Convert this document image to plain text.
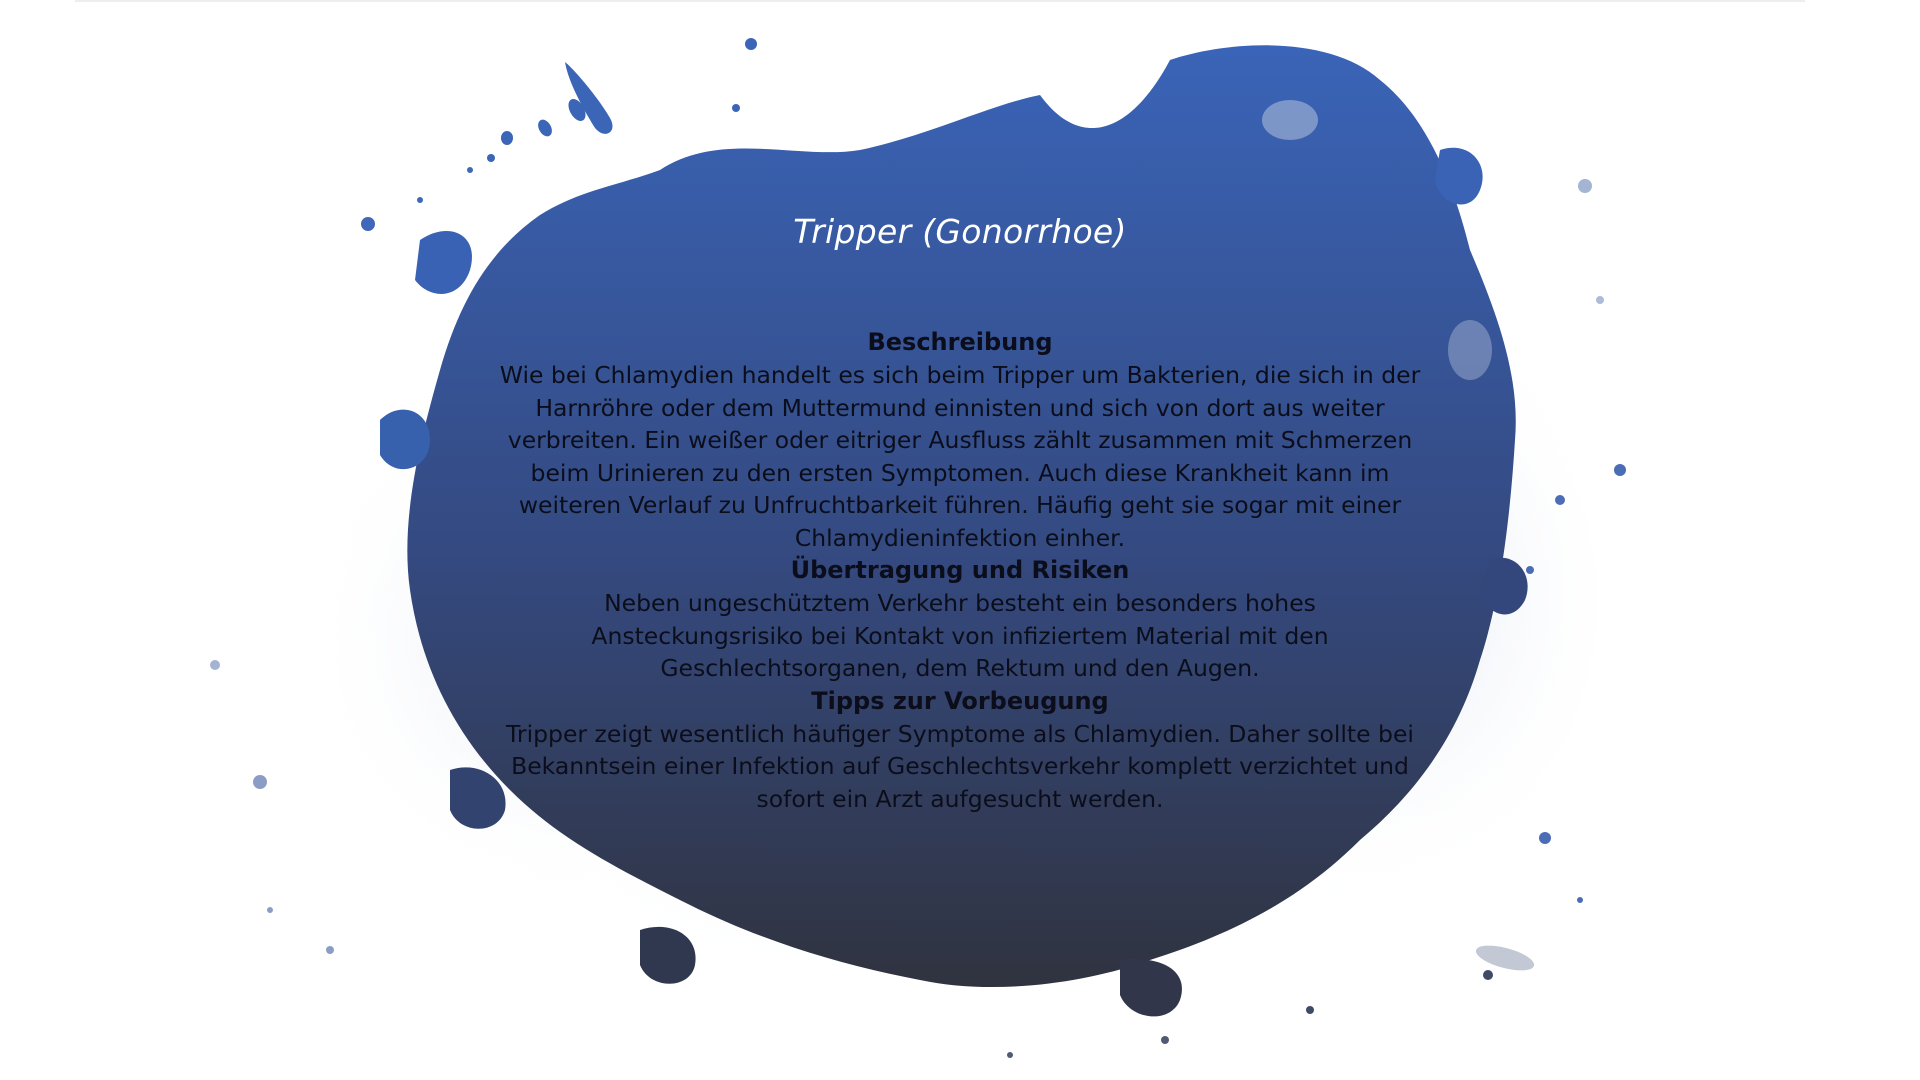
Tripper (Gonorrhoe)
Beschreibung
Wie bei Chlamydien handelt es sich beim Tripper um Bakterien, die sich in der Harnröhre oder dem Muttermund einnisten und sich von dort aus weiter verbreiten. Ein weißer oder eitriger Ausfluss zählt zusammen mit Schmerzen beim Urinieren zu den ersten Symptomen. Auch diese Krankheit kann im weiteren Verlauf zu Unfruchtbarkeit führen. Häufig geht sie sogar mit einer Chlamydieninfektion einher.
Übertragung und Risiken
Neben ungeschütztem Verkehr besteht ein besonders hohes Ansteckungsrisiko bei Kontakt von infiziertem Material mit den Geschlechtsorganen, dem Rektum und den Augen.
Tipps zur Vorbeugung
Tripper zeigt wesentlich häufiger Symptome als Chlamydien. Daher sollte bei Bekanntsein einer Infektion auf Geschlechtsverkehr komplett verzichtet und sofort ein Arzt aufgesucht werden.
